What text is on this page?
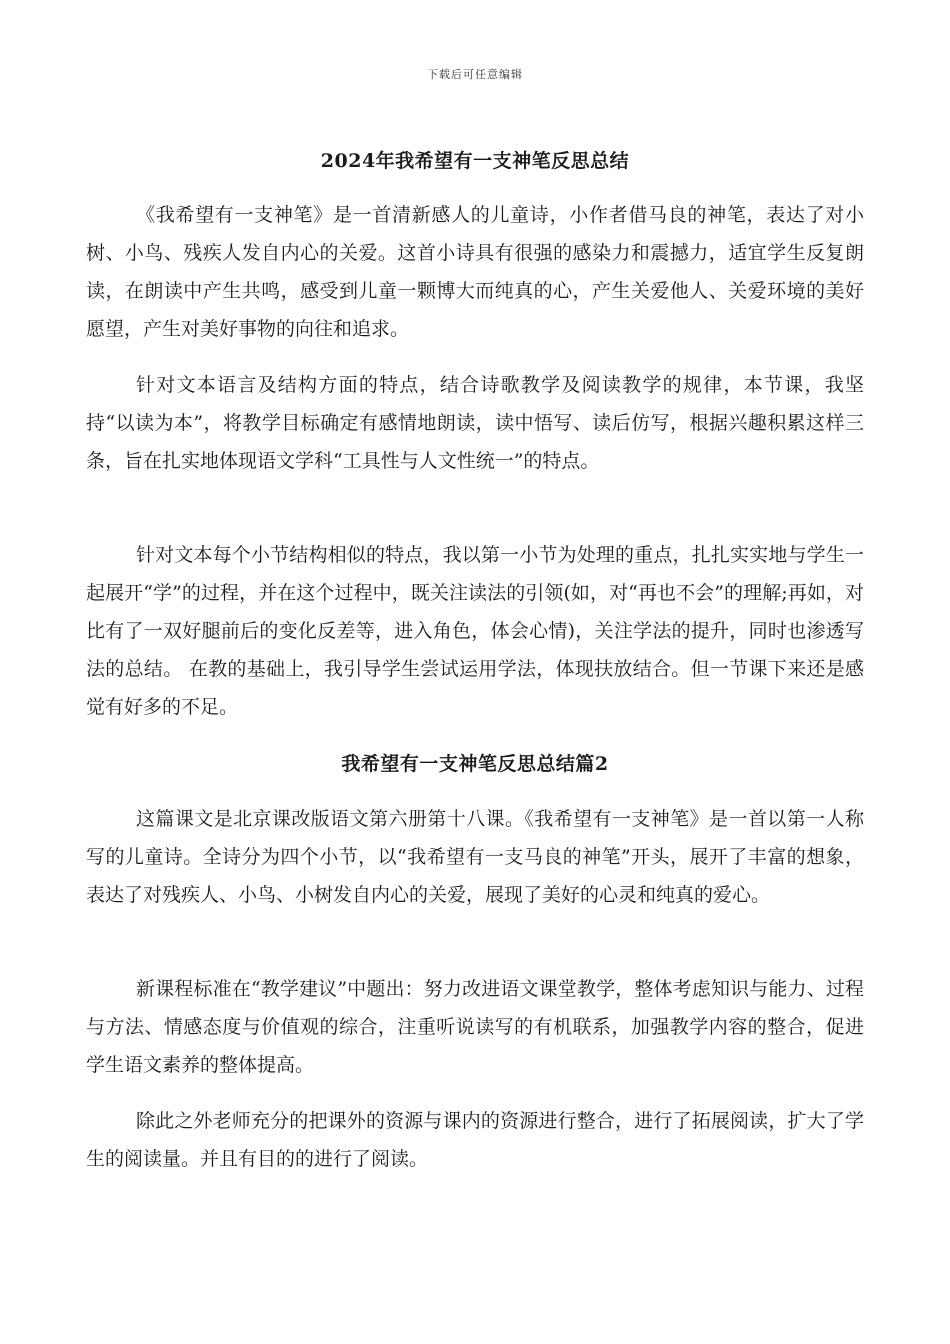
下载后可任意编辑
2024年我希望有一支神笔反思总结

《我希望有一支神笔》是一首清新感人的儿童诗，小作者借马良的神笔，表达了对小树、小鸟、残疾人发自内心的关爱。这首小诗具有很强的感染力和震撼力，适宜学生反复朗读，在朗读中产生共鸣，感受到儿童一颗博大而纯真的心，产生关爱他人、关爱环境的美好愿望，产生对美好事物的向往和追求。

针对文本语言及结构方面的特点，结合诗歌教学及阅读教学的规律，本节课，我坚持“以读为本”，将教学目标确定有感情地朗读，读中悟写、读后仿写，根据兴趣积累这样三条，旨在扎实地体现语文学科“工具性与人文性统一”的特点。

针对文本每个小节结构相似的特点，我以第一小节为处理的重点，扎扎实实地与学生一起展开“学”的过程，并在这个过程中，既关注读法的引领(如，对“再也不会”的理解;再如，对比有了一双好腿前后的变化反差等，进入角色，体会心情)，关注学法的提升，同时也渗透写法的总结。 在教的基础上，我引导学生尝试运用学法，体现扶放结合。但一节课下来还是感觉有好多的不足。

我希望有一支神笔反思总结篇2

这篇课文是北京课改版语文第六册第十八课。《我希望有一支神笔》是一首以第一人称写的儿童诗。全诗分为四个小节，以“我希望有一支马良的神笔”开头，展开了丰富的想象，表达了对残疾人、小鸟、小树发自内心的关爱，展现了美好的心灵和纯真的爱心。

新课程标准在“教学建议”中题出：努力改进语文课堂教学，整体考虑知识与能力、过程与方法、情感态度与价值观的综合，注重听说读写的有机联系，加强教学内容的整合，促进学生语文素养的整体提高。

除此之外老师充分的把课外的资源与课内的资源进行整合，进行了拓展阅读，扩大了学生的阅读量。并且有目的的进行了阅读。
